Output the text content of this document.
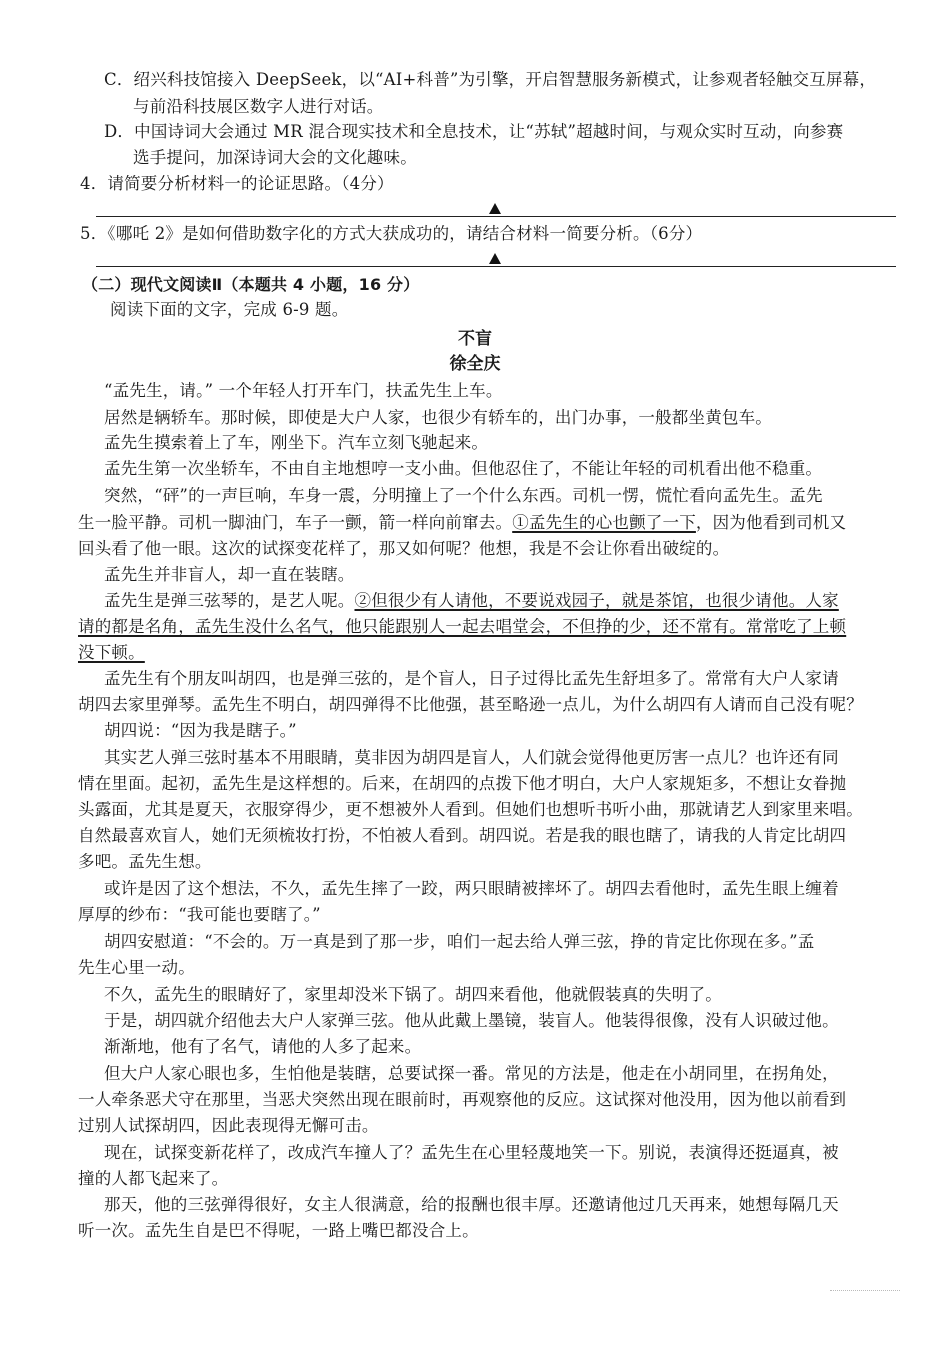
C．绍兴科技馆接入 DeepSeek，以“AI+科普”为引擎，开启智慧服务新模式，让参观者轻触交互屏幕，
与前沿科技展区数字人进行对话。
D．中国诗词大会通过 MR 混合现实技术和全息技术，让“苏轼”超越时间，与观众实时互动，向参赛
选手提问，加深诗词大会的文化趣味。
4．请简要分析材料一的论证思路。（4分）
5．《哪吒 2》是如何借助数字化的方式大获成功的，请结合材料一简要分析。（6分）
（二）现代文阅读Ⅱ（本题共 4 小题，16 分）
阅读下面的文字，完成 6-9 题。
不盲
徐全庆
“孟先生，请。” 一个年轻人打开车门，扶孟先生上车。
居然是辆轿车。那时候，即使是大户人家，也很少有轿车的，出门办事，一般都坐黄包车。
孟先生摸索着上了车，刚坐下。汽车立刻飞驰起来。
孟先生第一次坐轿车，不由自主地想哼一支小曲。但他忍住了，不能让年轻的司机看出他不稳重。
突然，“砰”的一声巨响，车身一震，分明撞上了一个什么东西。司机一愣，慌忙看向孟先生。孟先
生一脸平静。司机一脚油门，车子一颤，箭一样向前窜去。①孟先生的心也颤了一下，因为他看到司机又
回头看了他一眼。这次的试探变花样了，那又如何呢？他想，我是不会让你看出破绽的。
孟先生并非盲人，却一直在装瞎。
孟先生是弹三弦琴的，是艺人呢。②但很少有人请他，不要说戏园子，就是茶馆，也很少请他。人家
请的都是名角，孟先生没什么名气，他只能跟别人一起去唱堂会，不但挣的少，还不常有。常常吃了上顿
没下顿。
孟先生有个朋友叫胡四，也是弹三弦的，是个盲人，日子过得比孟先生舒坦多了。常常有大户人家请
胡四去家里弹琴。孟先生不明白，胡四弹得不比他强，甚至略逊一点儿，为什么胡四有人请而自己没有呢？
胡四说：“因为我是瞎子。”
其实艺人弹三弦时基本不用眼睛，莫非因为胡四是盲人，人们就会觉得他更厉害一点儿？也许还有同
情在里面。起初，孟先生是这样想的。后来，在胡四的点拨下他才明白，大户人家规矩多，不想让女眷抛
头露面，尤其是夏天，衣服穿得少，更不想被外人看到。但她们也想听书听小曲，那就请艺人到家里来唱。
自然最喜欢盲人，她们无须梳妆打扮，不怕被人看到。胡四说。若是我的眼也瞎了，请我的人肯定比胡四
多吧。孟先生想。
或许是因了这个想法，不久，孟先生摔了一跤，两只眼睛被摔坏了。胡四去看他时，孟先生眼上缠着
厚厚的纱布：“我可能也要瞎了。”
胡四安慰道：“不会的。万一真是到了那一步，咱们一起去给人弹三弦，挣的肯定比你现在多。”孟
先生心里一动。
不久，孟先生的眼睛好了，家里却没米下锅了。胡四来看他，他就假装真的失明了。
于是，胡四就介绍他去大户人家弹三弦。他从此戴上墨镜，装盲人。他装得很像，没有人识破过他。
渐渐地，他有了名气，请他的人多了起来。
但大户人家心眼也多，生怕他是装瞎，总要试探一番。常见的方法是，他走在小胡同里，在拐角处，
一人牵条恶犬守在那里，当恶犬突然出现在眼前时，再观察他的反应。这试探对他没用，因为他以前看到
过别人试探胡四，因此表现得无懈可击。
现在，试探变新花样了，改成汽车撞人了？孟先生在心里轻蔑地笑一下。别说，表演得还挺逼真，被
撞的人都飞起来了。
那天，他的三弦弹得很好，女主人很满意，给的报酬也很丰厚。还邀请他过几天再来，她想每隔几天
听一次。孟先生自是巴不得呢，一路上嘴巴都没合上。
